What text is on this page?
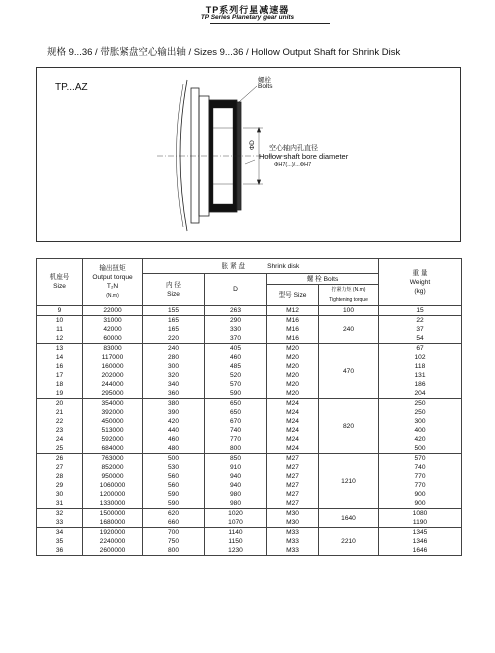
TP系列行星减速器
TP Series Planetary gear units
规格 9...36 / 带胀紧盘空心输出轴 / Sizes 9...36 / Hollow Output Shaft for Shrink Disk
TP...AZ
螺栓
Bolts
ΦD 空心轴内孔直径
Hollow shaft bore diameter
ΦH7(...)/...ΦH7
机座号
Size	输出扭矩
Output torque
T₂N
(N.m)	胀 紧 盘 Shrink disk				重 量
Weight
(kg)
		内 径
Size	D	螺 栓 Bolts		
				型号 Size	拧紧力矩 (N.m)
Tightening torque	
9	22000	155	263	M12	100	15
10	31000	165	290	M16	240	22
11	42000	165	330	M16		37
12	60000	220	370	M16		54
13	83000	240	405	M20	470	67
14	117000	280	460	M20		102
16	160000	300	485	M20		118
17	202000	320	520	M20		131
18	244000	340	570	M20		186
19	295000	360	590	M20		204
20	354000	380	650	M24	820	250
21	392000	390	650	M24		250
22	450000	420	670	M24		300
23	513000	440	740	M24		400
24	592000	460	770	M24		420
25	684000	480	800	M24		500
26	763000	500	850	M27	1210	570
27	852000	530	910	M27		740
28	950000	560	940	M27		770
29	1060000	560	940	M27		770
30	1200000	590	980	M27		900
31	1330000	590	980	M27		900
32	1500000	620	1020	M30	1640	1080
33	1680000	660	1070	M30		1190
34	1920000	700	1140	M33	2210	1345
35	2240000	750	1150	M33		1346
36	2600000	800	1230	M33		1646
